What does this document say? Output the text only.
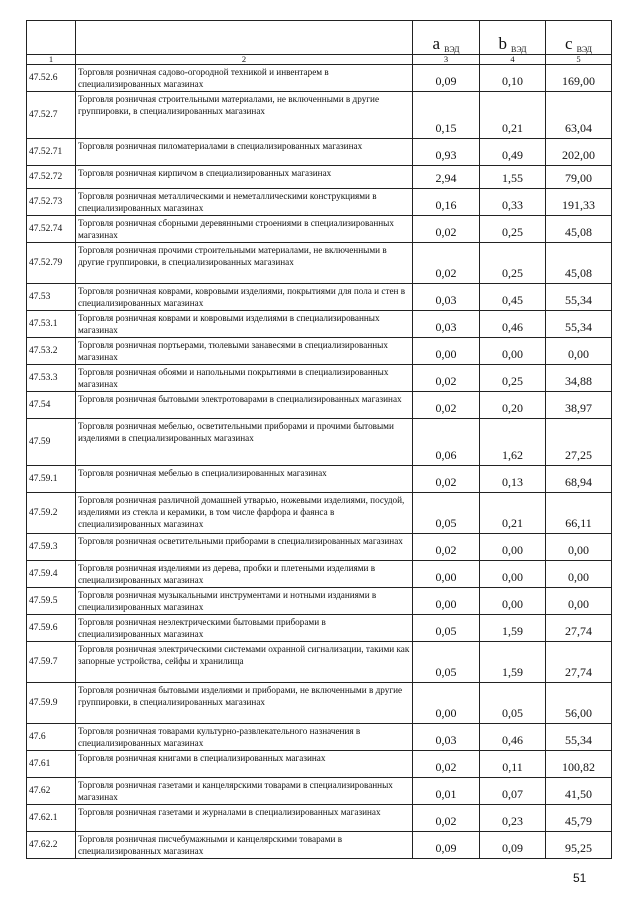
		а ВЭД	b ВЭД	с ВЭД
1	2	3	4	5
47.52.6	Торговля розничная садово-огородной техникой и инвентарем в специализированных магазинах	0,09	0,10	169,00
47.52.7	Торговля розничная строительными материалами, не включенными в другие группировки, в специализированных магазинах	0,15	0,21	63,04
47.52.71	Торговля розничная пиломатериалами в специализированных магазинах	0,93	0,49	202,00
47.52.72	Торговля розничная кирпичом в специализированных магазинах	2,94	1,55	79,00
47.52.73	Торговля розничная металлическими и неметаллическими конструкциями в специализированных магазинах	0,16	0,33	191,33
47.52.74	Торговля розничная сборными деревянными строениями в специализированных магазинах	0,02	0,25	45,08
47.52.79	Торговля розничная прочими строительными материалами, не включенными в другие группировки, в специализированных магазинах	0,02	0,25	45,08
47.53	Торговля розничная коврами, ковровыми изделиями, покрытиями для пола и стен в специализированных магазинах	0,03	0,45	55,34
47.53.1	Торговля розничная коврами и ковровыми изделиями в специализированных магазинах	0,03	0,46	55,34
47.53.2	Торговля розничная портьерами, тюлевыми занавесями в специализированных магазинах	0,00	0,00	0,00
47.53.3	Торговля розничная обоями и напольными покрытиями в специализированных магазинах	0,02	0,25	34,88
47.54	Торговля розничная бытовыми электротоварами в специализированных магазинах	0,02	0,20	38,97
47.59	Торговля розничная мебелью, осветительными приборами и прочими бытовыми изделиями в специализированных магазинах	0,06	1,62	27,25
47.59.1	Торговля розничная мебелью в специализированных магазинах	0,02	0,13	68,94
47.59.2	Торговля розничная различной домашней утварью, ножевыми изделиями, посудой, изделиями из стекла и керамики, в том числе фарфора и фаянса в специализированных магазинах	0,05	0,21	66,11
47.59.3	Торговля розничная осветительными приборами в специализированных магазинах	0,02	0,00	0,00
47.59.4	Торговля розничная изделиями из дерева, пробки и плетеными изделиями в специализированных магазинах	0,00	0,00	0,00
47.59.5	Торговля розничная музыкальными инструментами и нотными изданиями в специализированных магазинах	0,00	0,00	0,00
47.59.6	Торговля розничная неэлектрическими бытовыми приборами в специализированных магазинах	0,05	1,59	27,74
47.59.7	Торговля розничная электрическими системами охранной сигнализации, такими как запорные устройства, сейфы и хранилища	0,05	1,59	27,74
47.59.9	Торговля розничная бытовыми изделиями и приборами, не включенными в другие группировки, в специализированных магазинах	0,00	0,05	56,00
47.6	Торговля розничная товарами культурно-развлекательного назначения в специализированных магазинах	0,03	0,46	55,34
47.61	Торговля розничная книгами в специализированных магазинах	0,02	0,11	100,82
47.62	Торговля розничная газетами и канцелярскими товарами в специализированных магазинах	0,01	0,07	41,50
47.62.1	Торговля розничная газетами и журналами в специализированных магазинах	0,02	0,23	45,79
47.62.2	Торговля розничная писчебумажными и канцелярскими товарами в специализированных магазинах	0,09	0,09	95,25
51
